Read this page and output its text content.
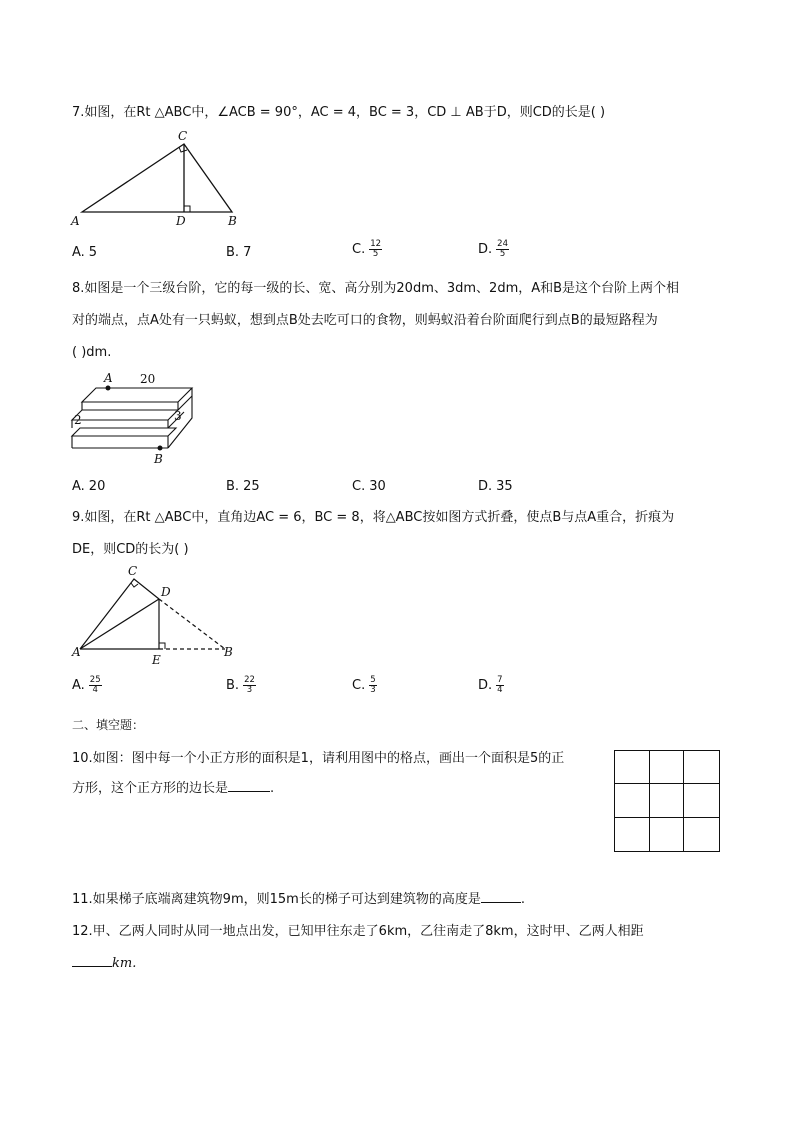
7.如图，在Rt △ABC中，∠ACB = 90°，AC = 4，BC = 3，CD ⊥ AB于D，则CD的长是( )
C
A	D	B
A. 5	B. 7	C. $\frac{12}{5}$	D. $\frac{24}{5}$
8.如图是一个三级台阶，它的每一级的长、宽、高分别为20dm、3dm、2dm，A和B是这个台阶上两个相
对的端点，点A处有一只蚂蚁，想到点B处去吃可口的食物，则蚂蚁沿着台阶面爬行到点B的最短路程为
( )dm.
A 20
2	3
B
A. 20	B. 25	C. 30	D. 35
9.如图，在Rt △ABC中，直角边AC = 6，BC = 8，将△ABC按如图方式折叠，使点B与点A重合，折痕为
DE，则CD的长为( )
C
D
A
E
B
A. $\frac{25}{4}$	B. $\frac{22}{3}$	C. $\frac{5}{3}$	D. $\frac{7}{4}$
二、填空题：
10.如图：图中每一个小正方形的面积是1，请利用图中的格点，画出一个面积是5的正
方形，这个正方形的边长是	.
11.如果梯子底端离建筑物9m，则15m长的梯子可达到建筑物的高度是	.
12.甲、乙两人同时从同一地点出发，已知甲往东走了6km，乙往南走了8km，这时甲、乙两人相距
km.
